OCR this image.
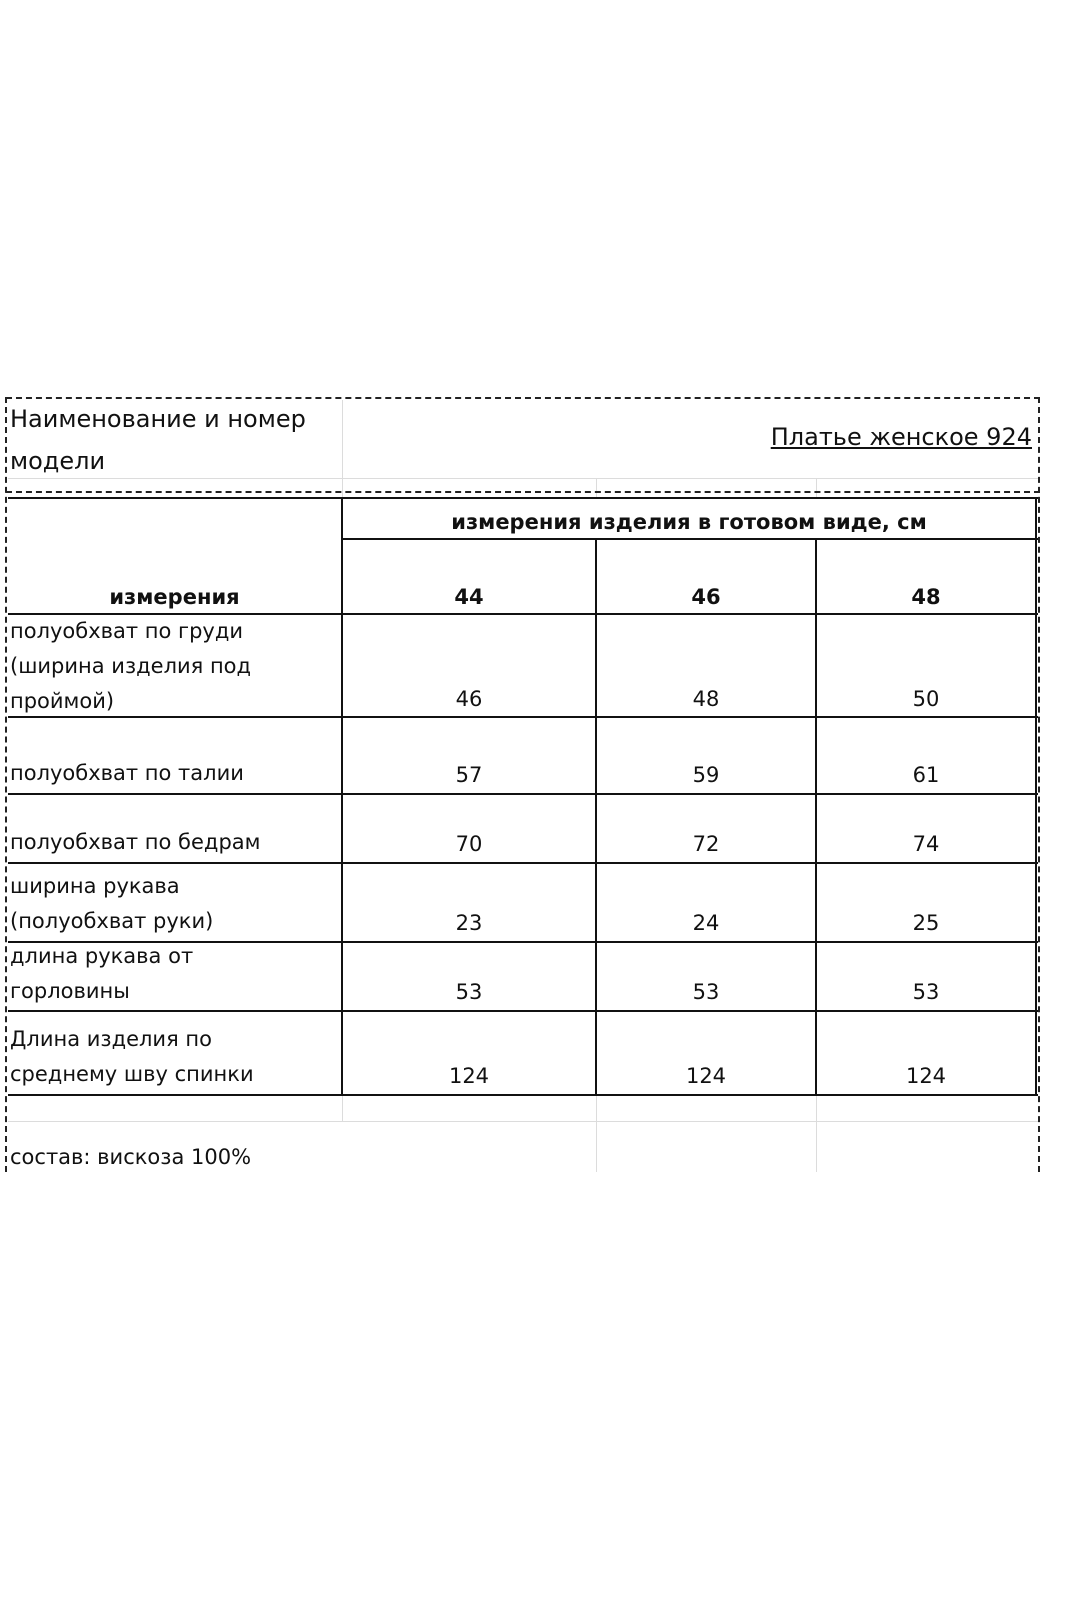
Наименование и номер
модели
Платье женское 924
измерения изделия в готовом виде, см
измерения	44	46	48
полуобхват по груди
(ширина изделия под
проймой)	46	48	50
полуобхват по талии	57	59	61
полуобхват по бедрам	70	72	74
ширина рукава
(полуобхват руки)	23	24	25
длина рукава от
горловины	53	53	53
Длина изделия по
среднему шву спинки	124	124	124
состав: вискоза 100%
